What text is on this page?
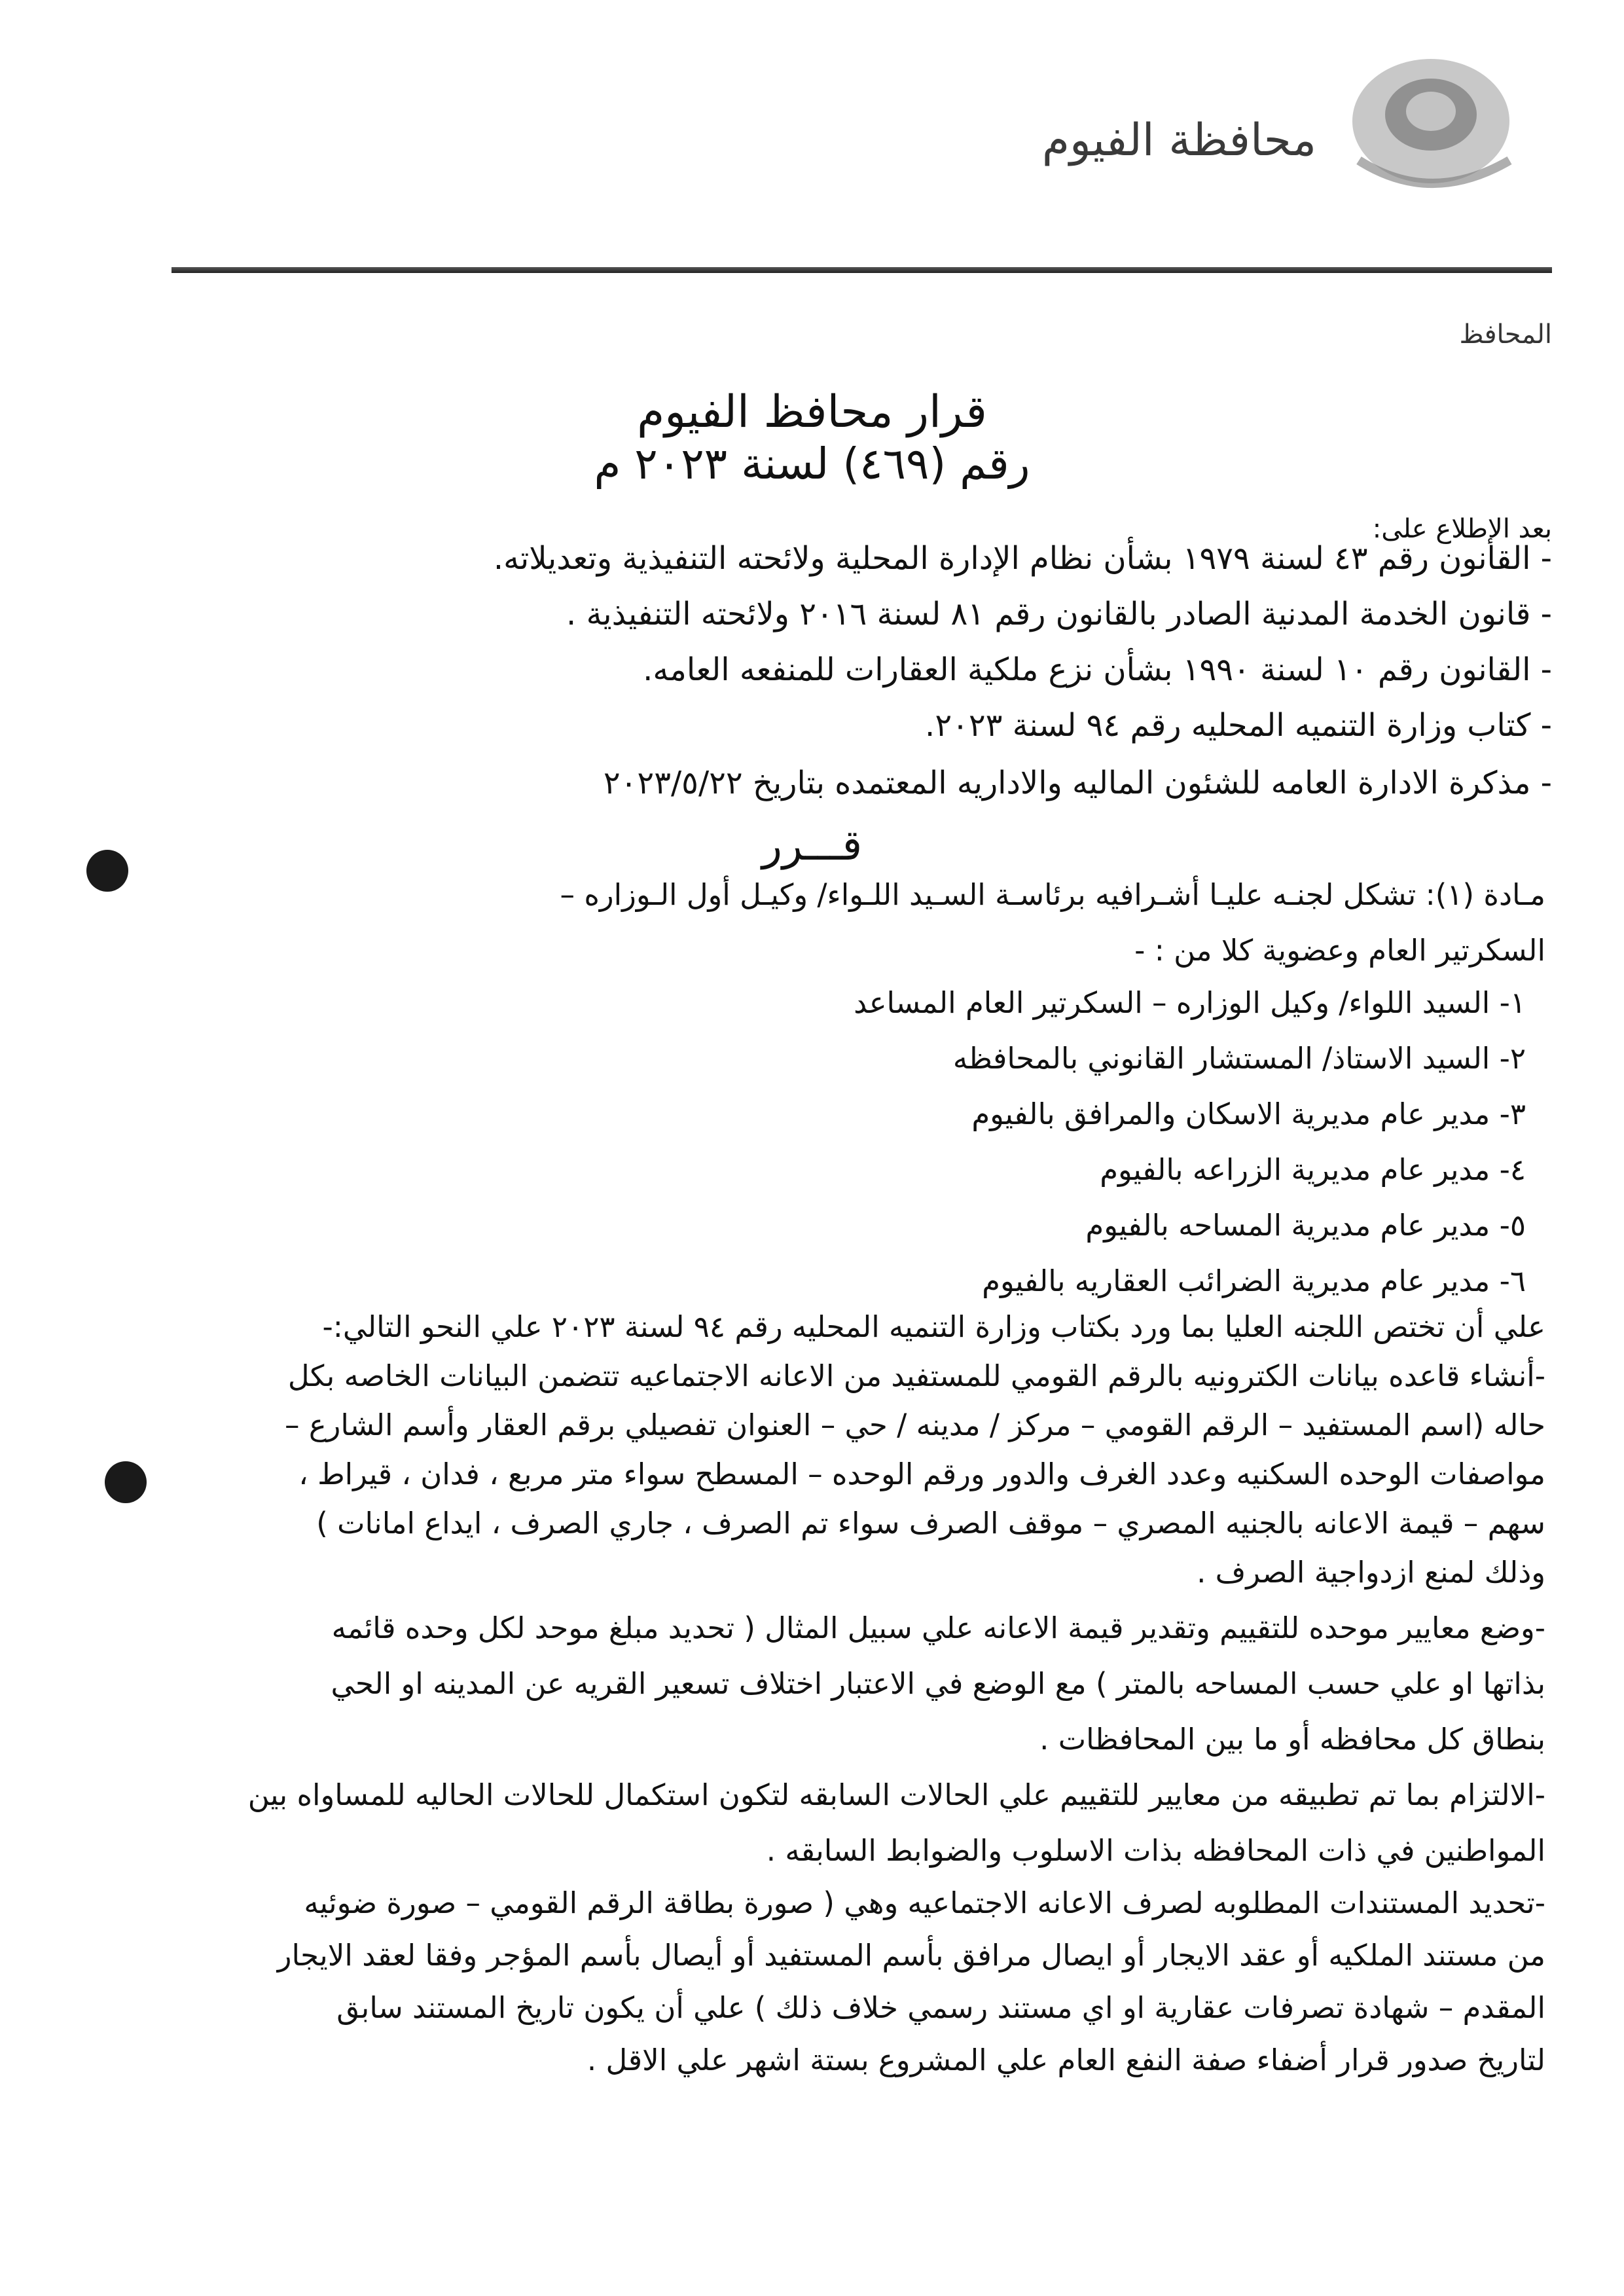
محافظة الفيوم
المحافظ
قرار محافظ الفيوم
رقم (٤٦٩) لسنة ٢٠٢٣ م
بعد الإطلاع على:
- القانون رقم ٤٣ لسنة ١٩٧٩ بشأن نظام الإدارة المحلية ولائحته التنفيذية وتعديلاته.
- قانون الخدمة المدنية الصادر بالقانون رقم ٨١ لسنة ٢٠١٦ ولائحته التنفيذية .
- القانون رقم ١٠ لسنة ١٩٩٠ بشأن نزع ملكية العقارات للمنفعه العامه.
- كتاب وزارة التنميه المحليه رقم ٩٤ لسنة ٢٠٢٣.
- مذكرة الادارة العامه للشئون الماليه والاداريه المعتمده بتاريخ ٢٠٢٣/٥/٢٢
قـــرر
مـادة (١): تشكل لجنـه عليـا أشـرافيه برئاسـة السـيد اللـواء/ وكيـل أول الـوزاره –
السكرتير العام وعضوية كلا من : -
١- السيد اللواء/ وكيل الوزاره – السكرتير العام المساعد
٢- السيد الاستاذ/ المستشار القانوني بالمحافظه
٣- مدير عام مديرية الاسكان والمرافق بالفيوم
٤- مدير عام مديرية الزراعه بالفيوم
٥- مدير عام مديرية المساحه بالفيوم
٦- مدير عام مديرية الضرائب العقاريه بالفيوم
علي أن تختص اللجنه العليا بما ورد بكتاب وزارة التنميه المحليه رقم ٩٤ لسنة ٢٠٢٣ علي النحو التالي:-
-أنشاء قاعده بيانات الكترونيه بالرقم القومي للمستفيد من الاعانه الاجتماعيه تتضمن البيانات الخاصه بكل
حاله (اسم المستفيد – الرقم القومي – مركز / مدينه / حي – العنوان تفصيلي برقم العقار وأسم الشارع –
مواصفات الوحده السكنيه وعدد الغرف والدور ورقم الوحده – المسطح سواء متر مربع ، فدان ، قيراط ،
سهم – قيمة الاعانه بالجنيه المصري – موقف الصرف سواء تم الصرف ، جاري الصرف ، ايداع امانات )
وذلك لمنع ازدواجية الصرف .
-وضع معايير موحده للتقييم وتقدير قيمة الاعانه علي سبيل المثال ( تحديد مبلغ موحد لكل وحده قائمه
بذاتها او علي حسب المساحه بالمتر ) مع الوضع في الاعتبار اختلاف تسعير القريه عن المدينه او الحي
بنطاق كل محافظه أو ما بين المحافظات .
-الالتزام بما تم تطبيقه من معايير للتقييم علي الحالات السابقه لتكون استكمال للحالات الحاليه للمساواه بين
المواطنين في ذات المحافظه بذات الاسلوب والضوابط السابقه .
-تحديد المستندات المطلوبه لصرف الاعانه الاجتماعيه وهي ( صورة بطاقة الرقم القومي – صورة ضوئيه
من مستند الملكيه أو عقد الايجار أو ايصال مرافق بأسم المستفيد أو أيصال بأسم المؤجر وفقا لعقد الايجار
المقدم – شهادة تصرفات عقارية او اي مستند رسمي خلاف ذلك ) علي أن يكون تاريخ المستند سابق
لتاريخ صدور قرار أضفاء صفة النفع العام علي المشروع بستة اشهر علي الاقل .
